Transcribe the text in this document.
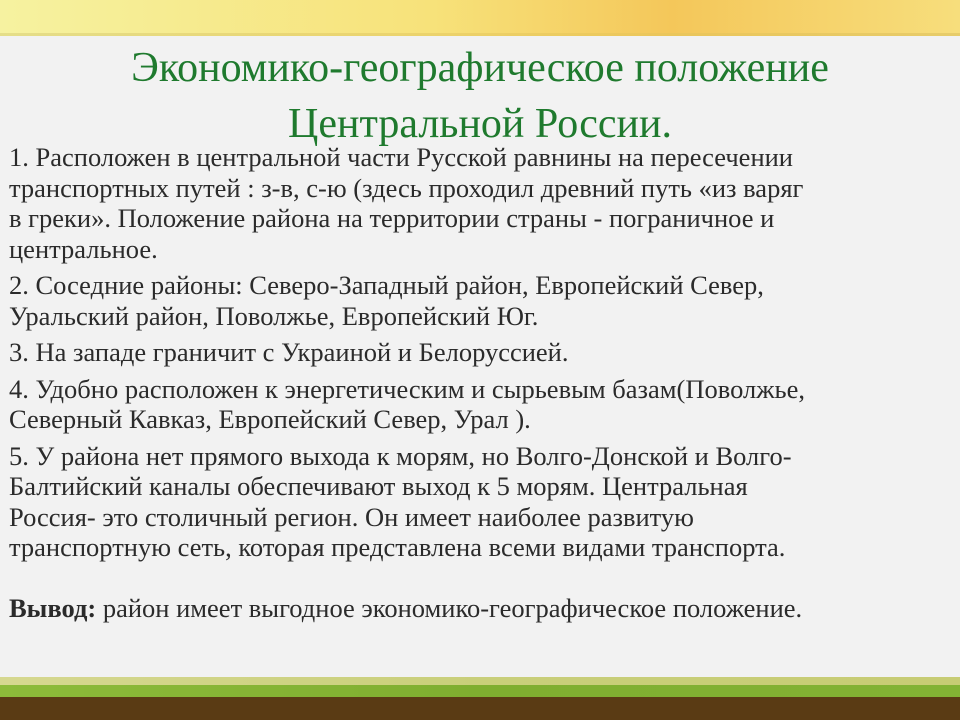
Экономико-географическое положение
Центральной России.
1. Расположен в центральной части Русской равнины на пересечении
транспортных путей : з-в, с-ю (здесь проходил древний путь «из варяг
в греки». Положение района на территории страны - пограничное и
центральное.
2. Соседние районы: Северо-Западный район, Европейский Север,
Уральский район, Поволжье, Европейский Юг.
3. На западе граничит с Украиной и Белоруссией.
4. Удобно расположен к энергетическим и сырьевым базам(Поволжье,
Северный Кавказ, Европейский Север, Урал ).
5. У района нет прямого выхода к морям, но Волго-Донской и Волго-
Балтийский каналы обеспечивают выход к 5 морям. Центральная
Россия- это столичный регион. Он имеет наиболее развитую
транспортную сеть, которая представлена всеми видами транспорта.
Вывод: район имеет выгодное экономико-географическое положение.
